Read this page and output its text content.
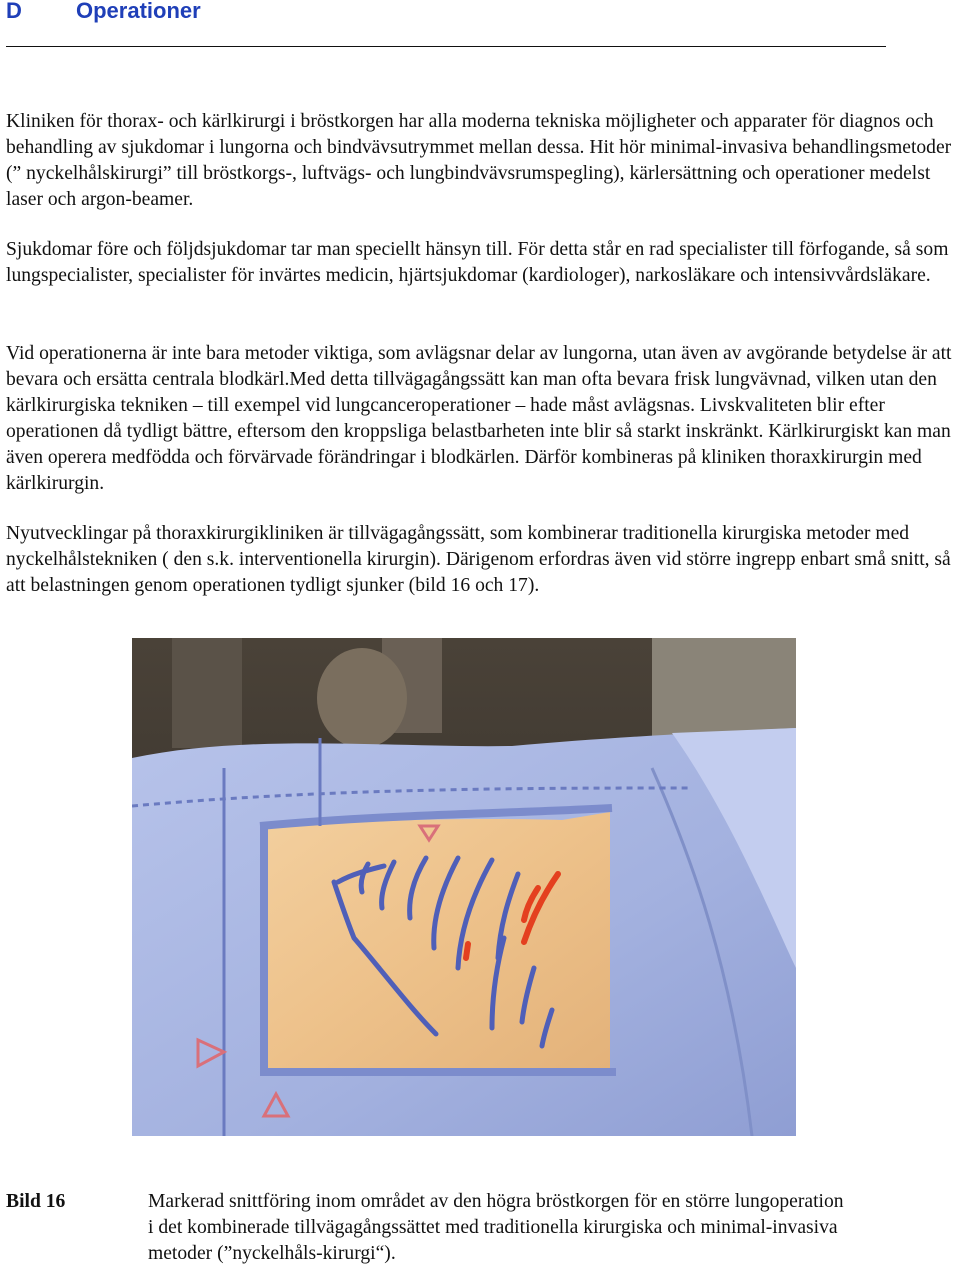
D Operationer

Kliniken för thorax- och kärlkirurgi i bröstkorgen har alla moderna tekniska möjligheter och apparater för diagnos och behandling av sjukdomar i lungorna och bindvävsutrymmet mellan dessa. Hit hör minimal-invasiva behandlingsmetoder (” nyckelhålskirurgi” till bröstkorgs-, luftvägs- och lungbindvävsrumspegling), kärlersättning och operationer medelst laser och argon-beamer.

Sjukdomar före och följdsjukdomar tar man speciellt hänsyn till. För detta står en rad specialister till förfogande, så som lungspecialister, specialister för invärtes medicin, hjärtsjukdomar (kardiologer), narkosläkare och intensivvårdsläkare.

Vid operationerna är inte bara metoder viktiga, som avlägsnar delar av lungorna, utan även av avgörande betydelse är att bevara och ersätta centrala blodkärl.Med detta tillvägagångssätt kan man ofta bevara frisk lungvävnad, vilken utan den kärlkirurgiska tekniken – till exempel vid lungcanceroperationer – hade måst avlägsnas. Livskvaliteten blir efter operationen då tydligt bättre, eftersom den kroppsliga belastbarheten inte blir så starkt inskränkt. Kärlkirurgiskt kan man även operera medfödda och förvärvade förändringar i blodkärlen. Därför kombineras på kliniken thoraxkirurgin med kärlkirurgin.

Nyutvecklingar på thoraxkirurgikliniken är tillvägagångssätt, som kombinerar traditionella kirurgiska metoder med nyckelhålstekniken ( den s.k. interventionella kirurgin). Därigenom erfordras även vid större ingrepp enbart små snitt, så att belastningen genom operationen tydligt sjunker (bild 16 och 17).

Bild 16	Markerad snittföring inom området av den högra bröstkorgen för en större lungoperation i det kombinerade tillvägagångssättet med traditionella kirurgiska och minimal-invasiva metoder (”nyckelhåls-kirurgi“).
